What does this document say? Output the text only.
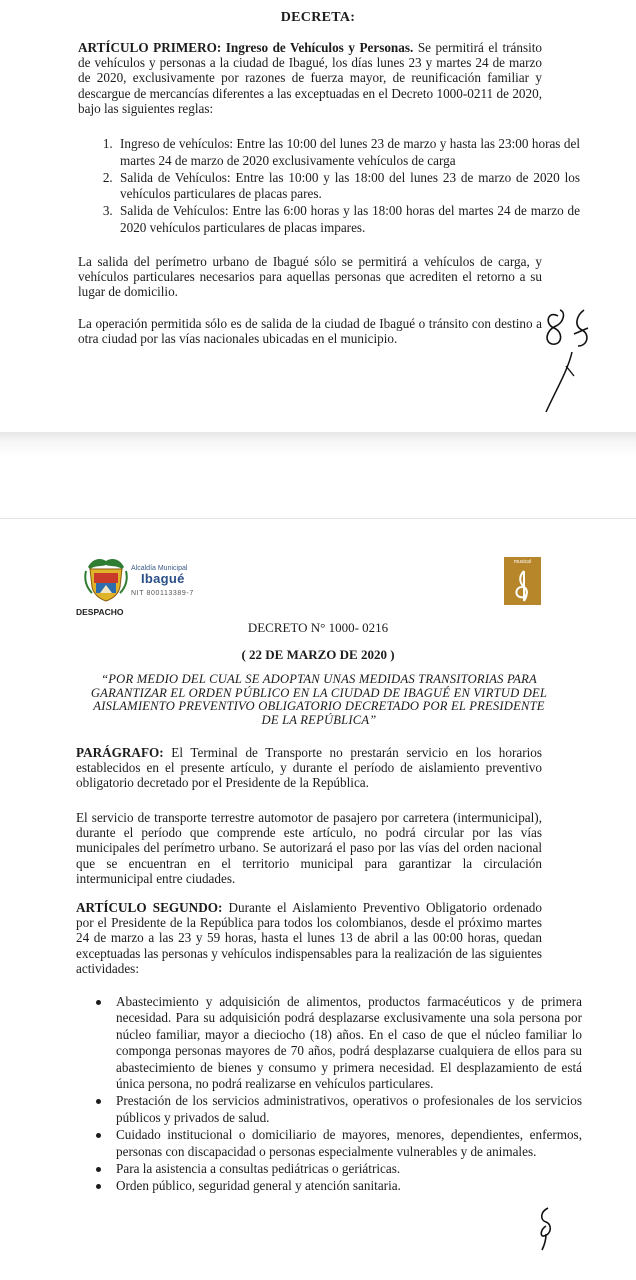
DECRETA:

ARTÍCULO PRIMERO: Ingreso de Vehículos y Personas. Se permitirá el tránsito de vehículos y personas a la ciudad de Ibagué, los días lunes 23 y martes 24 de marzo de 2020, exclusivamente por razones de fuerza mayor, de reunificación familiar y descargue de mercancías diferentes a las exceptuadas en el Decreto 1000-0211 de 2020, bajo las siguientes reglas:

1. Ingreso de vehículos: Entre las 10:00 del lunes 23 de marzo y hasta las 23:00 horas del martes 24 de marzo de 2020 exclusivamente vehículos de carga
2. Salida de Vehículos: Entre las 10:00 y las 18:00 del lunes 23 de marzo de 2020 los vehículos particulares de placas pares.
3. Salida de Vehículos: Entre las 6:00 horas y las 18:00 horas del martes 24 de marzo de 2020 vehículos particulares de placas impares.

La salida del perímetro urbano de Ibagué sólo se permitirá a vehículos de carga, y vehículos particulares necesarios para aquellas personas que acrediten el retorno a su lugar de domicilio.

La operación permitida sólo es de salida de la ciudad de Ibagué o tránsito con destino a otra ciudad por las vías nacionales ubicadas en el municipio.

Alcaldía Municipal
Ibagué
NIT 800113389-7
DESPACHO
musical
DECRETO N° 1000- 0216
( 22 DE MARZO DE 2020 )
“POR MEDIO DEL CUAL SE ADOPTAN UNAS MEDIDAS TRANSITORIAS PARA GARANTIZAR EL ORDEN PÚBLICO EN LA CIUDAD DE IBAGUÉ EN VIRTUD DEL AISLAMIENTO PREVENTIVO OBLIGATORIO DECRETADO POR EL PRESIDENTE DE LA REPÚBLICA”

PARÁGRAFO: El Terminal de Transporte no prestarán servicio en los horarios establecidos en el presente artículo, y durante el período de aislamiento preventivo obligatorio decretado por el Presidente de la República.

El servicio de transporte terrestre automotor de pasajero por carretera (intermunicipal), durante el período que comprende este artículo, no podrá circular por las vías municipales del perímetro urbano. Se autorizará el paso por las vías del orden nacional que se encuentran en el territorio municipal para garantizar la circulación intermunicipal entre ciudades.

ARTÍCULO SEGUNDO: Durante el Aislamiento Preventivo Obligatorio ordenado por el Presidente de la República para todos los colombianos, desde el próximo martes 24 de marzo a las 23 y 59 horas, hasta el lunes 13 de abril a las 00:00 horas, quedan exceptuadas las personas y vehículos indispensables para la realización de las siguientes actividades:

Abastecimiento y adquisición de alimentos, productos farmacéuticos y de primera necesidad. Para su adquisición podrá desplazarse exclusivamente una sola persona por núcleo familiar, mayor a dieciocho (18) años. En el caso de que el núcleo familiar lo componga personas mayores de 70 años, podrá desplazarse cualquiera de ellos para su abastecimiento de bienes y consumo y primera necesidad. El desplazamiento de está única persona, no podrá realizarse en vehículos particulares.
Prestación de los servicios administrativos, operativos o profesionales de los servicios públicos y privados de salud.
Cuidado institucional o domiciliario de mayores, menores, dependientes, enfermos, personas con discapacidad o personas especialmente vulnerables y de animales.
Para la asistencia a consultas pediátricas o geriátricas.
Orden público, seguridad general y atención sanitaria.
